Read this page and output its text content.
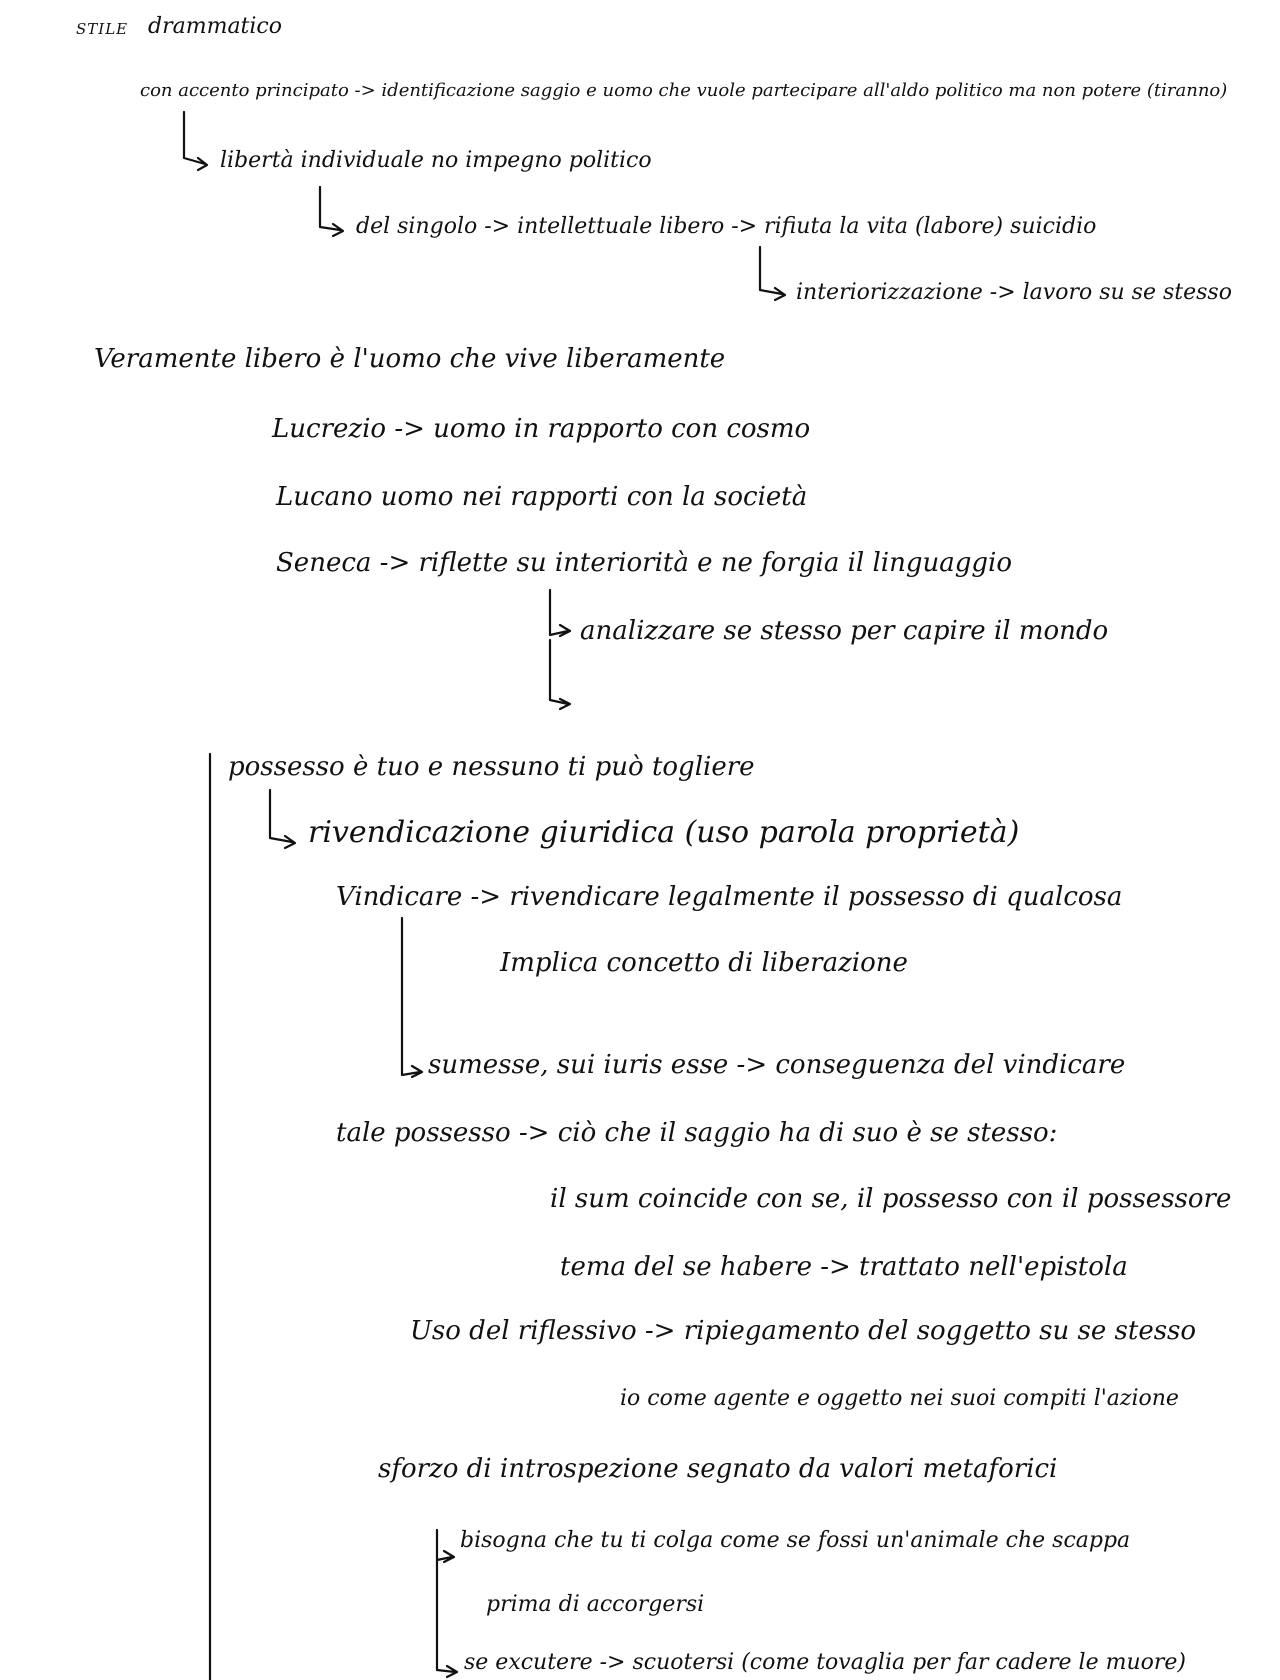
STILE drammatico
con accento principato -> identificazione saggio e uomo che vuole partecipare all'aldo politico ma non potere (tiranno)
libertà individuale no impegno politico
del singolo -> intellettuale libero -> rifiuta la vita (labore) suicidio
interiorizzazione -> lavoro su se stesso
Veramente libero è l'uomo che vive liberamente
Lucrezio -> uomo in rapporto con cosmo
Lucano uomo nei rapporti con la società
Seneca -> riflette su interiorità e ne forgia il linguaggio
analizzare se stesso per capire il mondo
possesso è tuo e nessuno ti può togliere
rivendicazione giuridica (uso parola proprietà)
Vindicare -> rivendicare legalmente il possesso di qualcosa
Implica concetto di liberazione
sumesse, sui iuris esse -> conseguenza del vindicare
tale possesso -> ciò che il saggio ha di suo è se stesso:
il sum coincide con se, il possesso con il possessore
tema del se habere -> trattato nell'epistola
Uso del riflessivo -> ripiegamento del soggetto su se stesso
io come agente e oggetto nei suoi compiti l'azione
sforzo di introspezione segnato da valori metaforici
bisogna che tu ti colga come se fossi un'animale che scappa
prima di accorgersi
se excutere -> scuotersi (come tovaglia per far cadere le muore)
